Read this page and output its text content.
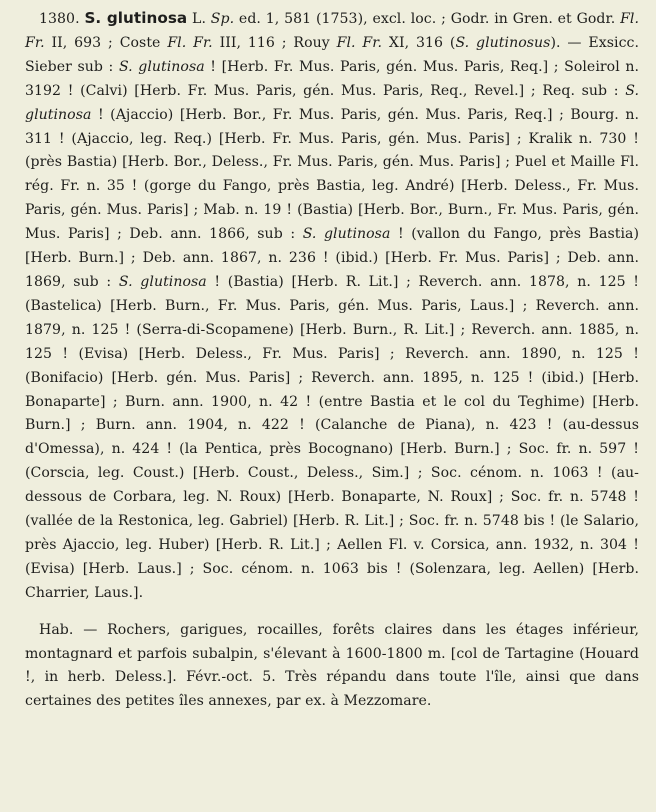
1380. S. glutinosa L. Sp. ed. 1, 581 (1753), excl. loc. ; Godr. in Gren. et Godr. Fl. Fr. II, 693 ; Coste Fl. Fr. III, 116 ; Rouy Fl. Fr. XI, 316 (S. glutinosus). — Exsicc. Sieber sub : S. glutinosa ! [Herb. Fr. Mus. Paris, gén. Mus. Paris, Req.] ; Soleirol n. 3192 ! (Calvi) [Herb. Fr. Mus. Paris, gén. Mus. Paris, Req., Revel.] ; Req. sub : S. glutinosa ! (Ajaccio) [Herb. Bor., Fr. Mus. Paris, gén. Mus. Paris, Req.] ; Bourg. n. 311 ! (Ajaccio, leg. Req.) [Herb. Fr. Mus. Paris, gén. Mus. Paris] ; Kralik n. 730 ! (près Bastia) [Herb. Bor., Deless., Fr. Mus. Paris, gén. Mus. Paris] ; Puel et Maille Fl. rég. Fr. n. 35 ! (gorge du Fango, près Bastia, leg. André) [Herb. Deless., Fr. Mus. Paris, gén. Mus. Paris] ; Mab. n. 19 ! (Bastia) [Herb. Bor., Burn., Fr. Mus. Paris, gén. Mus. Paris] ; Deb. ann. 1866, sub : S. glutinosa ! (vallon du Fango, près Bastia) [Herb. Burn.] ; Deb. ann. 1867, n. 236 ! (ibid.) [Herb. Fr. Mus. Paris] ; Deb. ann. 1869, sub : S. glutinosa ! (Bastia) [Herb. R. Lit.] ; Reverch. ann. 1878, n. 125 ! (Bastelica) [Herb. Burn., Fr. Mus. Paris, gén. Mus. Paris, Laus.] ; Reverch. ann. 1879, n. 125 ! (Serra-di-Scopamene) [Herb. Burn., R. Lit.] ; Reverch. ann. 1885, n. 125 ! (Evisa) [Herb. Deless., Fr. Mus. Paris] ; Reverch. ann. 1890, n. 125 ! (Bonifacio) [Herb. gén. Mus. Paris] ; Reverch. ann. 1895, n. 125 ! (ibid.) [Herb. Bonaparte] ; Burn. ann. 1900, n. 42 ! (entre Bastia et le col du Teghime) [Herb. Burn.] ; Burn. ann. 1904, n. 422 ! (Calanche de Piana), n. 423 ! (au-dessus d'Omessa), n. 424 ! (la Pentica, près Bocognano) [Herb. Burn.] ; Soc. fr. n. 597 ! (Corscia, leg. Coust.) [Herb. Coust., Deless., Sim.] ; Soc. cénom. n. 1063 ! (au-dessous de Corbara, leg. N. Roux) [Herb. Bonaparte, N. Roux] ; Soc. fr. n. 5748 ! (vallée de la Restonica, leg. Gabriel) [Herb. R. Lit.] ; Soc. fr. n. 5748 bis ! (le Salario, près Ajaccio, leg. Huber) [Herb. R. Lit.] ; Aellen Fl. v. Corsica, ann. 1932, n. 304 ! (Evisa) [Herb. Laus.] ; Soc. cénom. n. 1063 bis ! (Solenzara, leg. Aellen) [Herb. Charrier, Laus.].

Hab. — Rochers, garigues, rocailles, forêts claires dans les étages inférieur, montagnard et parfois subalpin, s'élevant à 1600-1800 m. [col de Tartagine (Houard !, in herb. Deless.]. Févr.-oct. 5. Très répandu dans toute l'île, ainsi que dans certaines des petites îles annexes, par ex. à Mezzomare.
